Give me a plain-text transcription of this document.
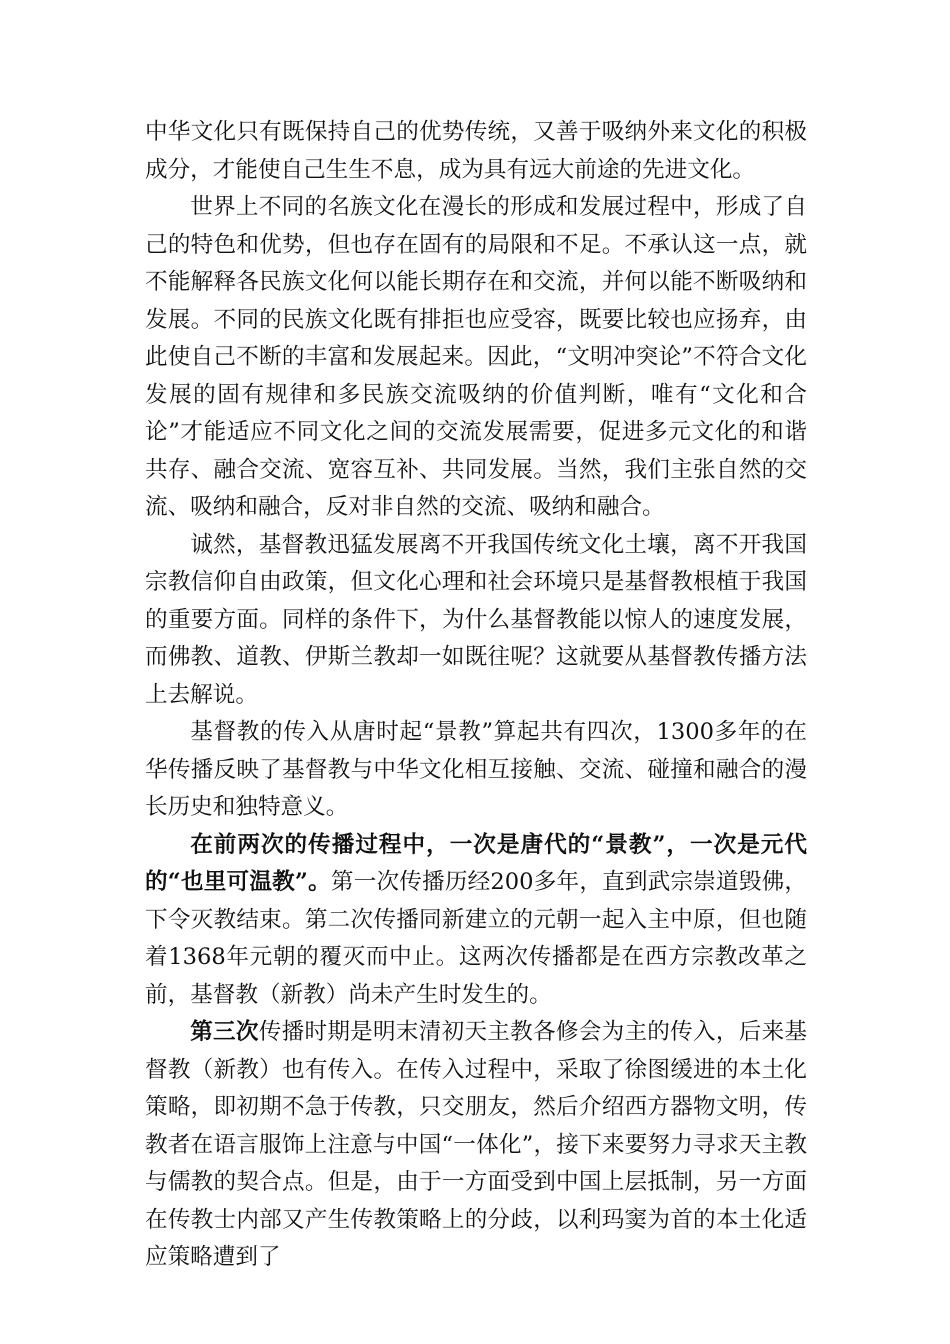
中华文化只有既保持自己的优势传统，又善于吸纳外来文化的积极成分，才能使自己生生不息，成为具有远大前途的先进文化。

世界上不同的名族文化在漫长的形成和发展过程中，形成了自己的特色和优势，但也存在固有的局限和不足。不承认这一点，就不能解释各民族文化何以能长期存在和交流，并何以能不断吸纳和发展。不同的民族文化既有排拒也应受容，既要比较也应扬弃，由此使自己不断的丰富和发展起来。因此，“文明冲突论”不符合文化发展的固有规律和多民族交流吸纳的价值判断，唯有“文化和合论”才能适应不同文化之间的交流发展需要，促进多元文化的和谐共存、融合交流、宽容互补、共同发展。当然，我们主张自然的交流、吸纳和融合，反对非自然的交流、吸纳和融合。

诚然，基督教迅猛发展离不开我国传统文化土壤，离不开我国宗教信仰自由政策，但文化心理和社会环境只是基督教根植于我国的重要方面。同样的条件下，为什么基督教能以惊人的速度发展，而佛教、道教、伊斯兰教却一如既往呢？这就要从基督教传播方法上去解说。

基督教的传入从唐时起“景教”算起共有四次，1300多年的在华传播反映了基督教与中华文化相互接触、交流、碰撞和融合的漫长历史和独特意义。

在前两次的传播过程中，一次是唐代的“景教”，一次是元代的“也里可温教”。第一次传播历经200多年，直到武宗崇道毁佛，下令灭教结束。第二次传播同新建立的元朝一起入主中原，但也随着1368年元朝的覆灭而中止。这两次传播都是在西方宗教改革之前，基督教（新教）尚未产生时发生的。

第三次传播时期是明末清初天主教各修会为主的传入，后来基督教（新教）也有传入。在传入过程中，采取了徐图缓进的本土化策略，即初期不急于传教，只交朋友，然后介绍西方器物文明，传教者在语言服饰上注意与中国“一体化”，接下来要努力寻求天主教与儒教的契合点。但是，由于一方面受到中国上层抵制，另一方面在传教士内部又产生传教策略上的分歧，以利玛窦为首的本土化适应策略遭到了
